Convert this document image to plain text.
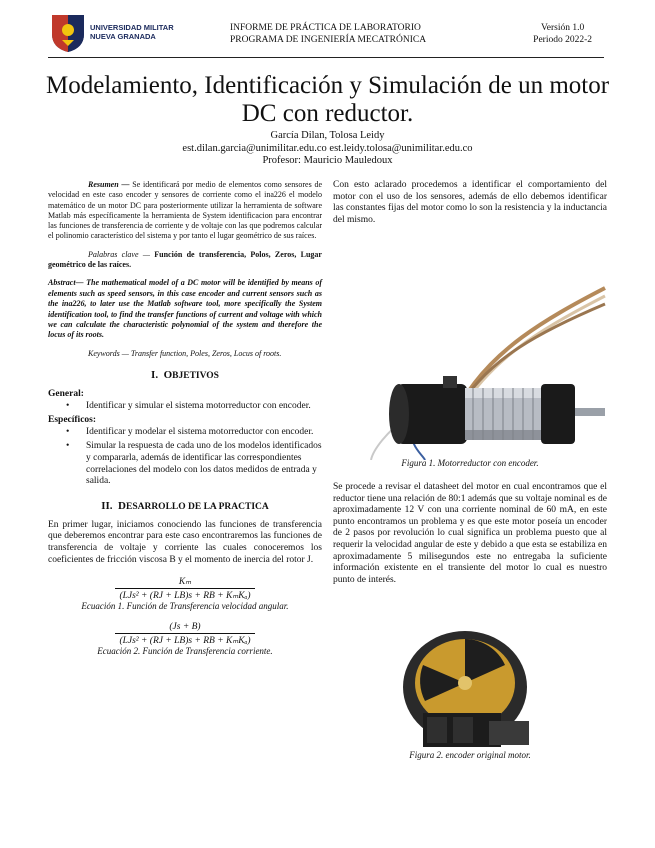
UNIVERSIDAD MILITAR
NUEVA GRANADA
INFORME DE PRÁCTICA DE LABORATORIO
PROGRAMA DE INGENIERÍA MECATRÓNICA
Versión 1.0
Periodo 2022-2
Modelamiento, Identificación y Simulación de un motor DC con reductor.
García Dilan, Tolosa Leidy
est.dilan.garcia@unimilitar.edu.co est.leidy.tolosa@unimilitar.edu.co
Profesor: Mauricio Mauledoux

Resumen — Se identificará por medio de elementos como sensores de velocidad en este caso encoder y sensores de corriente como el ina226 el modelo matemático de un motor DC para posteriormente utilizar la herramienta de software Matlab más específicamente la herramienta de System identificacion para encontrar las funciones de transferencia de corriente y de voltaje con las que podremos calcular el polinomio característico del sistema y por tanto el lugar geométrico de sus raíces.

Palabras clave — Función de transferencia, Polos, Zeros, Lugar geométrico de las raíces.

Abstract— The mathematical model of a DC motor will be identified by means of elements such as speed sensors, in this case encoder and current sensors such as the ina226, to later use the Matlab software tool, more specifically the System identification tool, to find the transfer functions of current and voltage with which we can calculate the characteristic polynomial of the system and therefore the locus of its roots.

Keywords — Transfer function, Poles, Zeros, Locus of roots.

I. OBJETIVOS
General:
• Identificar y simular el sistema motorreductor con encoder.
Específicos:
• Identificar y modelar el sistema motorreductor con encoder.
• Simular la respuesta de cada uno de los modelos identificados y compararla, además de identificar las correspondientes correlaciones del modelo con los datos medidos de entrada y salida.
II. DESARROLLO DE LA PRACTICA

En primer lugar, iniciamos conociendo las funciones de transferencia que deberemos encontrar para este caso encontraremos las funciones de transferencia de voltaje y corriente las cuales conoceremos los coeficientes de fricción viscosa B y el momento de inercia del rotor J.

$\frac{\text{Kₘ}}{\text{(LJs² + (RJ + LB)s + RB + KₘKₐ)}}$
Ecuación 1. Función de Transferencia velocidad angular.
$\frac{(Js + B)}{\text{(LJs² + (RJ + LB)s + RB + KₘKₐ)}}$
Ecuación 2. Función de Transferencia corriente.

Con esto aclarado procedemos a identificar el comportamiento del motor con el uso de los sensores, además de ello debemos identificar las constantes fijas del motor como lo son la resistencia y la inductancia del mismo.

Figura 1. Motorreductor con encoder.

Se procede a revisar el datasheet del motor en cual encontramos que el reductor tiene una relación de 80:1 además que su voltaje nominal es de aproximadamente 12 V con una corriente nominal de 60 mA, en este punto encontramos un problema y es que este motor poseía un encoder de 2 pasos por revolución lo cual significa un problema puesto que al requerir la velocidad angular de este y debido a que esta se estabiliza en aproximadamente 5 milisegundos este no entregaba la suficiente información existente en el transiente del motor lo cual es nuestro punto de interés.

Figura 2. encoder original motor.
